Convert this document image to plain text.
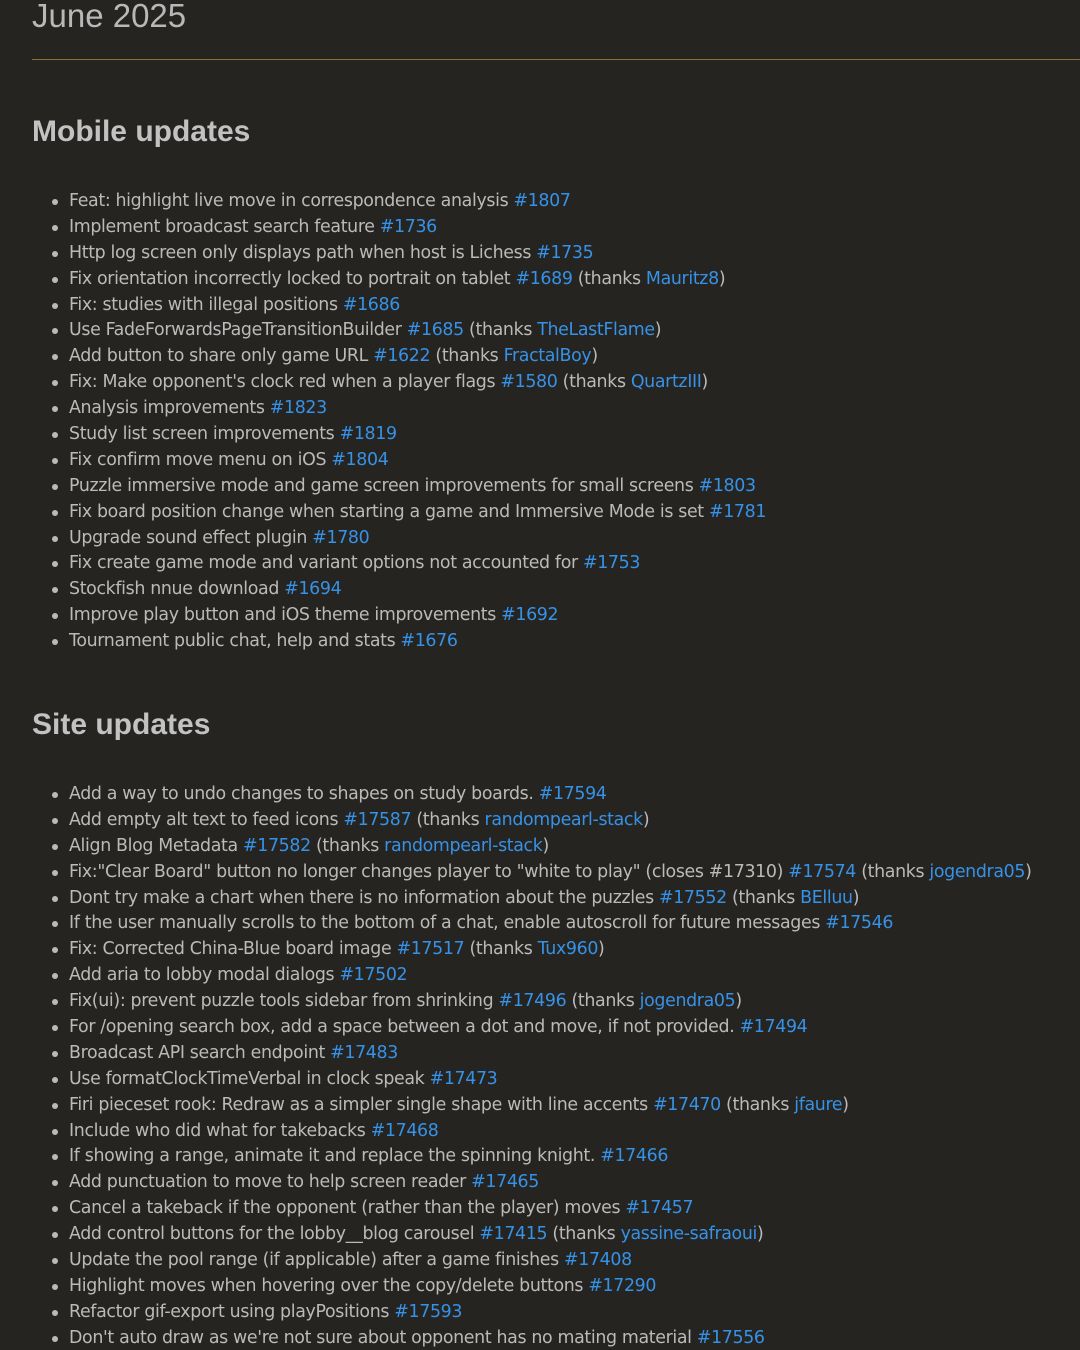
June 2025
Mobile updates
Feat: highlight live move in correspondence analysis #1807
Implement broadcast search feature #1736
Http log screen only displays path when host is Lichess #1735
Fix orientation incorrectly locked to portrait on tablet #1689 (thanks Mauritz8)
Fix: studies with illegal positions #1686
Use FadeForwardsPageTransitionBuilder #1685 (thanks TheLastFlame)
Add button to share only game URL #1622 (thanks FractalBoy)
Fix: Make opponent's clock red when a player flags #1580 (thanks QuartzIII)
Analysis improvements #1823
Study list screen improvements #1819
Fix confirm move menu on iOS #1804
Puzzle immersive mode and game screen improvements for small screens #1803
Fix board position change when starting a game and Immersive Mode is set #1781
Upgrade sound effect plugin #1780
Fix create game mode and variant options not accounted for #1753
Stockfish nnue download #1694
Improve play button and iOS theme improvements #1692
Tournament public chat, help and stats #1676
Site updates
Add a way to undo changes to shapes on study boards. #17594
Add empty alt text to feed icons #17587 (thanks randompearl-stack)
Align Blog Metadata #17582 (thanks randompearl-stack)
Fix:"Clear Board" button no longer changes player to "white to play" (closes #17310) #17574 (thanks jogendra05)
Dont try make a chart when there is no information about the puzzles #17552 (thanks BElluu)
If the user manually scrolls to the bottom of a chat, enable autoscroll for future messages #17546
Fix: Corrected China-Blue board image #17517 (thanks Tux960)
Add aria to lobby modal dialogs #17502
Fix(ui): prevent puzzle tools sidebar from shrinking #17496 (thanks jogendra05)
For /opening search box, add a space between a dot and move, if not provided. #17494
Broadcast API search endpoint #17483
Use formatClockTimeVerbal in clock speak #17473
Firi pieceset rook: Redraw as a simpler single shape with line accents #17470 (thanks jfaure)
Include who did what for takebacks #17468
If showing a range, animate it and replace the spinning knight. #17466
Add punctuation to move to help screen reader #17465
Cancel a takeback if the opponent (rather than the player) moves #17457
Add control buttons for the lobby__blog carousel #17415 (thanks yassine-safraoui)
Update the pool range (if applicable) after a game finishes #17408
Highlight moves when hovering over the copy/delete buttons #17290
Refactor gif-export using playPositions #17593
Don't auto draw as we're not sure about opponent has no mating material #17556
